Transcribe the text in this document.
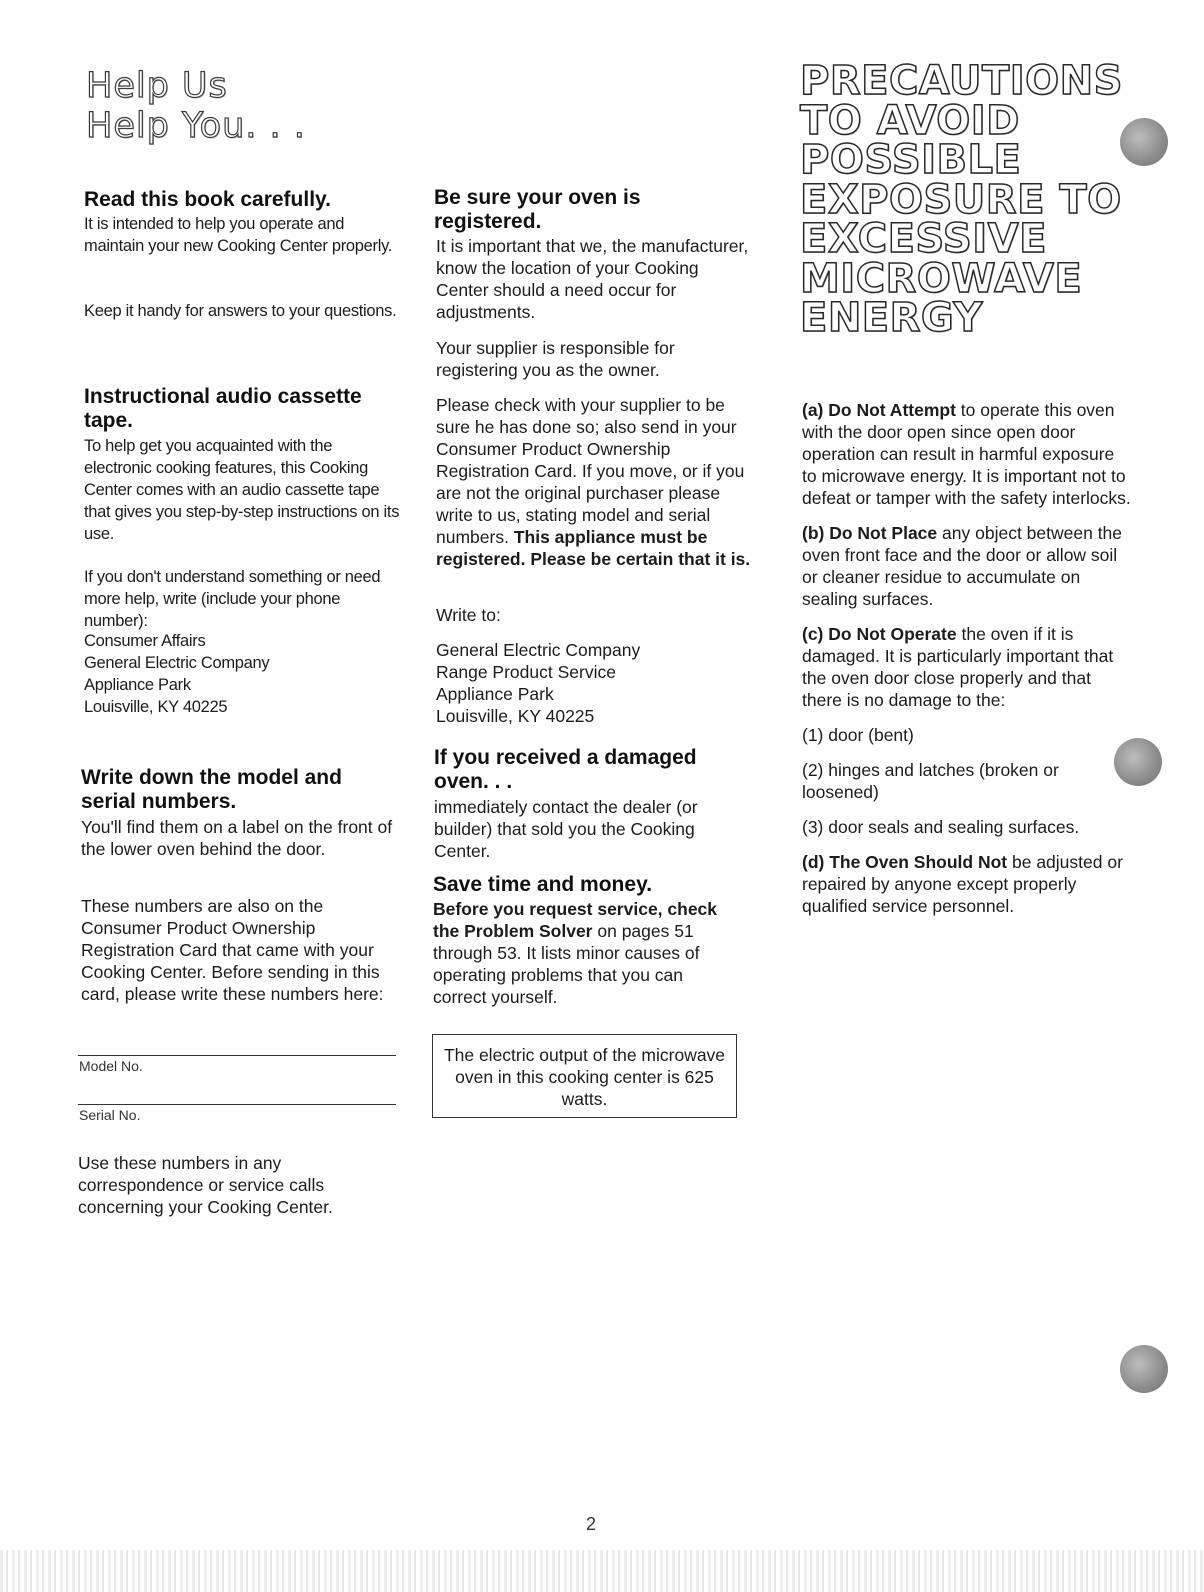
Help Us
Help You. . .
PRECAUTIONS
TO AVOID
POSSIBLE
EXPOSURE TO
EXCESSIVE
MICROWAVE
ENERGY
Read this book carefully.

It is intended to help you operate and maintain your new Cooking Center properly.

Keep it handy for answers to your questions.

Instructional audio cassette tape.

To help get you acquainted with the electronic cooking features, this Cooking Center comes with an audio cassette tape that gives you step-by-step instructions on its use.

If you don't understand something or need more help, write (include your phone number):

Consumer Affairs

General Electric Company

Appliance Park

Louisville, KY 40225

Write down the model and serial numbers.

You'll find them on a label on the front of the lower oven behind the door.

These numbers are also on the Consumer Product Ownership Registration Card that came with your Cooking Center. Before sending in this card, please write these numbers here:

Model No.
Serial No.

Use these numbers in any correspondence or service calls concerning your Cooking Center.

Be sure your oven is registered.

It is important that we, the manufacturer, know the location of your Cooking Center should a need occur for adjustments.

Your supplier is responsible for registering you as the owner.

Please check with your supplier to be sure he has done so; also send in your Consumer Product Ownership Registration Card. If you move, or if you are not the original purchaser please write to us, stating model and serial numbers. This appliance must be registered. Please be certain that it is.

Write to:

General Electric Company

Range Product Service

Appliance Park

Louisville, KY 40225

If you received a damaged oven. . .

immediately contact the dealer (or builder) that sold you the Cooking Center.

Save time and money.

Before you request service, check the Problem Solver on pages 51 through 53. It lists minor causes of operating problems that you can correct yourself.

The electric output of the microwave oven in this cooking center is 625 watts.

(a) Do Not Attempt to operate this oven with the door open since open door operation can result in harmful exposure to microwave energy. It is important not to defeat or tamper with the safety interlocks.

(b) Do Not Place any object between the oven front face and the door or allow soil or cleaner residue to accumulate on sealing surfaces.

(c) Do Not Operate the oven if it is damaged. It is particularly important that the oven door close properly and that there is no damage to the:

(1) door (bent)

(2) hinges and latches (broken or loosened)

(3) door seals and sealing surfaces.

(d) The Oven Should Not be adjusted or repaired by anyone except properly qualified service personnel.

2
